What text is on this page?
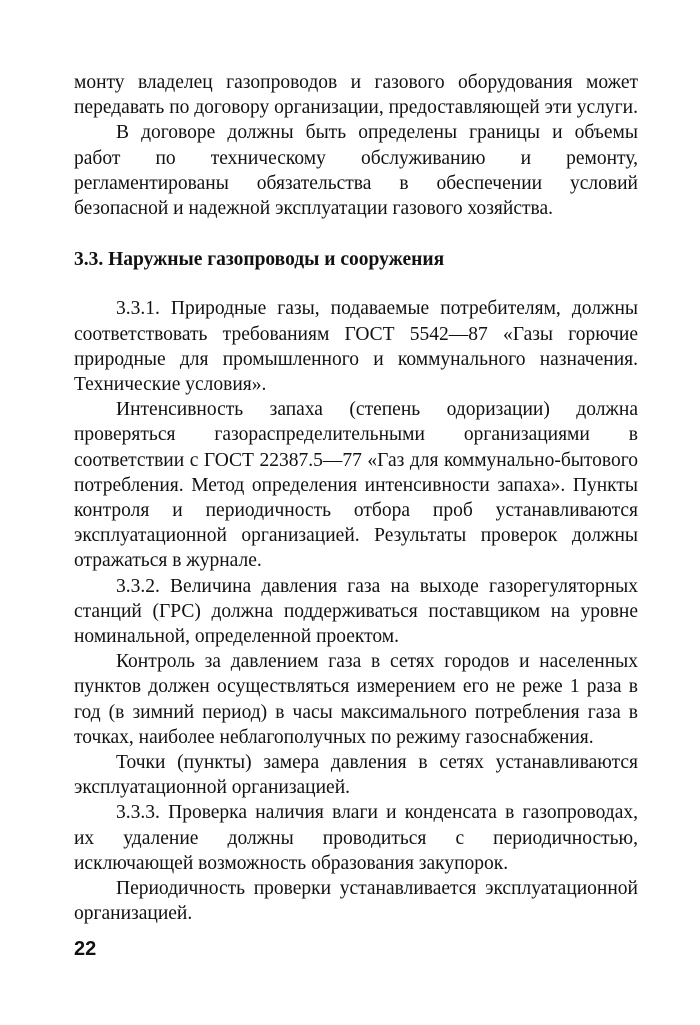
монту владелец газопроводов и газового оборудования может передавать по договору организации, предоставляющей эти услуги.

В договоре должны быть определены границы и объемы работ по техническому обслуживанию и ремонту, регламентированы обязательства в обеспечении условий безопасной и надежной эксплуатации газового хозяйства.

3.3. Наружные газопроводы и сооружения

3.3.1. Природные газы, подаваемые потребителям, должны соответствовать требованиям ГОСТ 5542—87 «Газы горючие природные для промышленного и коммунального назначения. Технические условия».

Интенсивность запаха (степень одоризации) должна проверяться газораспределительными организациями в соответствии с ГОСТ 22387.5—77 «Газ для коммунально-бытового потребления. Метод определения интенсивности запаха». Пункты контроля и периодичность отбора проб устанавливаются эксплуатационной организацией. Результаты проверок должны отражаться в журнале.

3.3.2. Величина давления газа на выходе газорегуляторных станций (ГРС) должна поддерживаться поставщиком на уровне номинальной, определенной проектом.

Контроль за давлением газа в сетях городов и населенных пунктов должен осуществляться измерением его не реже 1 раза в год (в зимний период) в часы максимального потребления газа в точках, наиболее неблагополучных по режиму газоснабжения.

Точки (пункты) замера давления в сетях устанавливаются эксплуатационной организацией.

3.3.3. Проверка наличия влаги и конденсата в газопроводах, их удаление должны проводиться с периодичностью, исключающей возможность образования закупорок.

Периодичность проверки устанавливается эксплуатационной организацией.

22
